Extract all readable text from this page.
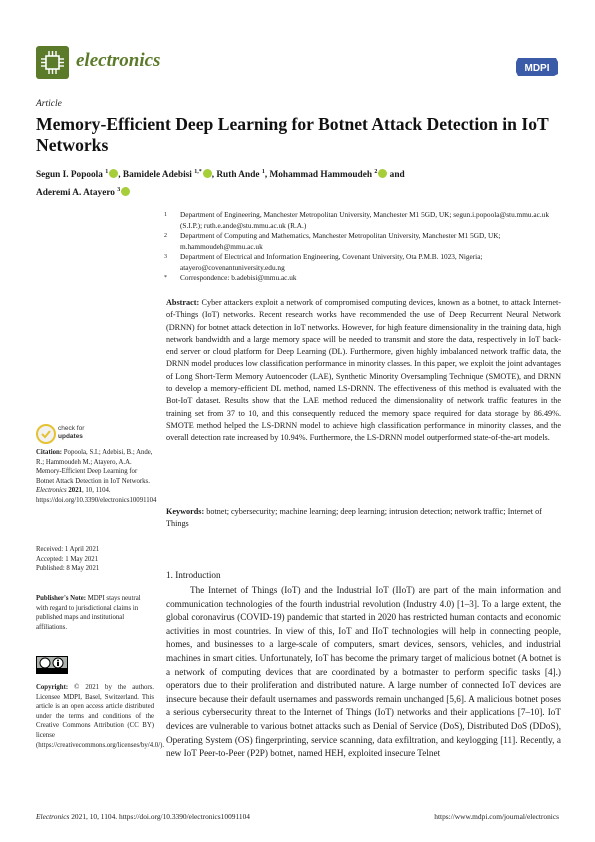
electronics	MDPI
Article
Memory-Efficient Deep Learning for Botnet Attack Detection in IoT Networks
Segun I. Popoola $^1$ , Bamidele Adebisi $^{1,*}$ , Ruth Ande $^1$, Mohammad Hammoudeh $^2$ and
Aderemi A. Atayero $^3$
1	Department of Engineering, Manchester Metropolitan University, Manchester M1 5GD, UK; segun.i.popoola@stu.mmu.ac.uk (S.I.P.); ruth.e.ande@stu.mmu.ac.uk (R.A.)
2	Department of Computing and Mathematics, Manchester Metropolitan University, Manchester M1 5GD, UK; m.hammoudeh@mmu.ac.uk
3	Department of Electrical and Information Engineering, Covenant University, Ota P.M.B. 1023, Nigeria; atayero@covenantuniversity.edu.ng
*	Correspondence: b.adebisi@mmu.ac.uk
Abstract: Cyber attackers exploit a network of compromised computing devices, known as a botnet, to attack Internet-of-Things (IoT) networks. Recent research works have recommended the use of Deep Recurrent Neural Network (DRNN) for botnet attack detection in IoT networks. However, for high feature dimensionality in the training data, high network bandwidth and a large memory space will be needed to transmit and store the data, respectively in IoT back-end server or cloud platform for Deep Learning (DL). Furthermore, given highly imbalanced network traffic data, the DRNN model produces low classification performance in minority classes. In this paper, we exploit the joint advantages of Long Short-Term Memory Autoencoder (LAE), Synthetic Minority Oversampling Technique (SMOTE), and DRNN to develop a memory-efficient DL method, named LS-DRNN. The effectiveness of this method is evaluated with the Bot-IoT dataset. Results show that the LAE method reduced the dimensionality of network traffic features in the training set from 37 to 10, and this consequently reduced the memory space required for data storage by 86.49%. SMOTE method helped the LS-DRNN model to achieve high classification performance in minority classes, and the overall detection rate increased by 10.94%. Furthermore, the LS-DRNN model outperformed state-of-the-art models.
Keywords: botnet; cybersecurity; machine learning; deep learning; intrusion detection; network traffic; Internet of Things
check for
updates
Citation: Popoola, S.I.; Adebisi, B.; Ande, R.; Hammoudeh M.; Atayero, A.A. Memory-Efficient Deep Learning for Botnet Attack Detection in IoT Networks. Electronics 2021, 10, 1104. https://doi.org/10.3390/electronics10091104
Received: 1 April 2021
Accepted: 1 May 2021
Published: 8 May 2021
Publisher's Note: MDPI stays neutral with regard to jurisdictional claims in published maps and institutional affiliations.
Copyright: © 2021 by the authors. Licensee MDPI, Basel, Switzerland. This article is an open access article distributed under the terms and conditions of the Creative Commons Attribution (CC BY) license (https://creativecommons.org/licenses/by/4.0/).
1. Introduction
The Internet of Things (IoT) and the Industrial IoT (IIoT) are part of the main information and communication technologies of the fourth industrial revolution (Industry 4.0) [1–3]. To a large extent, the global coronavirus (COVID-19) pandemic that started in 2020 has restricted human contacts and economic activities in most countries. In view of this, IoT and IIoT technologies will help in connecting people, homes, and businesses to a large-scale of computers, smart devices, sensors, vehicles, and industrial machines in smart cities. Unfortunately, IoT has become the primary target of malicious botnet (A botnet is a network of computing devices that are coordinated by a botmaster to perform specific tasks [4].) operators due to their proliferation and distributed nature. A large number of connected IoT devices are insecure because their default usernames and passwords remain unchanged [5,6]. A malicious botnet poses a serious cybersecurity threat to the Internet of Things (IoT) networks and their applications [7–10]. IoT devices are vulnerable to various botnet attacks such as Denial of Service (DoS), Distributed DoS (DDoS), Operating System (OS) fingerprinting, service scanning, data exfiltration, and keylogging [11]. Recently, a new IoT Peer-to-Peer (P2P) botnet, named HEH, exploited insecure Telnet
Electronics 2021, 10, 1104. https://doi.org/10.3390/electronics10091104	https://www.mdpi.com/journal/electronics
